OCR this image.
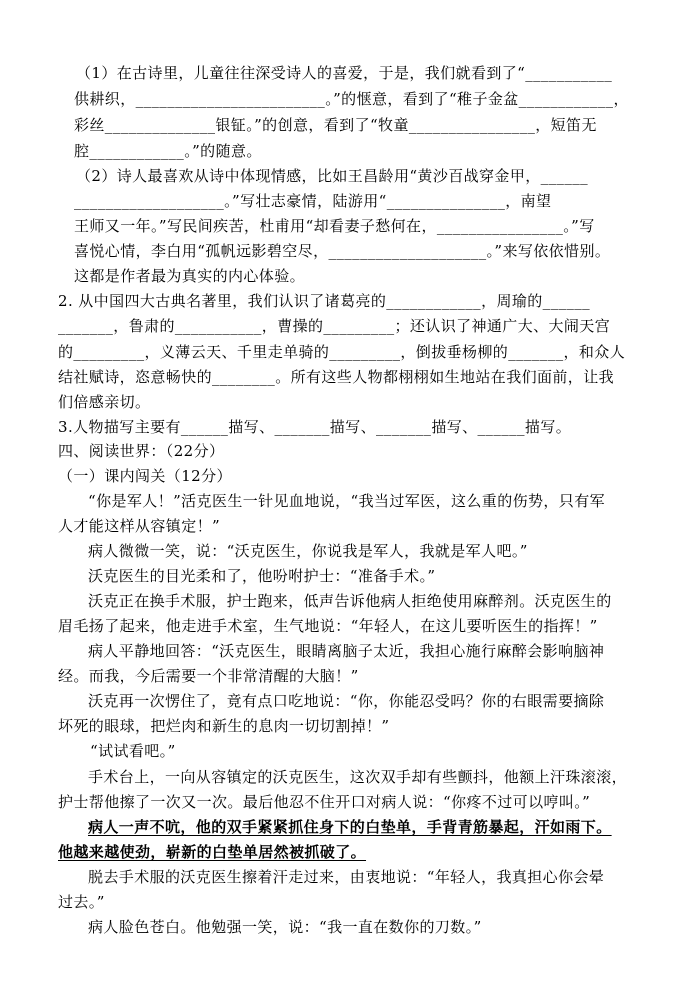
（1）在古诗里，儿童往往深受诗人的喜爱，于是，我们就看到了“___________
供耕织，________________________。”的惬意，看到了“稚子金盆____________，
彩丝______________银钲。”的创意，看到了“牧童________________，短笛无
腔____________。”的随意。
（2）诗人最喜欢从诗中体现情感，比如王昌龄用“黄沙百战穿金甲，______
___________________。”写壮志豪情，陆游用“_______________，南望
王师又一年。”写民间疾苦，杜甫用“却看妻子愁何在，________________。”写
喜悦心情，李白用“孤帆远影碧空尽，____________________。”来写依依惜别。
这都是作者最为真实的内心体验。
2. 从中国四大古典名著里，我们认识了诸葛亮的____________，周瑜的______
_______，鲁肃的___________，曹操的_________；还认识了神通广大、大闹天宫
的_________，义薄云天、千里走单骑的_________，倒拔垂杨柳的_______，和众人
结社赋诗，恣意畅快的________。所有这些人物都栩栩如生地站在我们面前，让我
们倍感亲切。
3.人物描写主要有______描写、_______描写、_______描写、______描写。
四、阅读世界：（22分）
（一）课内闯关（12分）
“你是军人！”活克医生一针见血地说，“我当过军医，这么重的伤势，只有军
人才能这样从容镇定！”
病人微微一笑，说：“沃克医生，你说我是军人，我就是军人吧。”
沃克医生的目光柔和了，他吩咐护士：“准备手术。”
沃克正在换手术服，护士跑来，低声告诉他病人拒绝使用麻醉剂。沃克医生的
眉毛扬了起来，他走进手术室，生气地说：“年轻人，在这儿要听医生的指挥！”
病人平静地回答：“沃克医生，眼睛离脑子太近，我担心施行麻醉会影响脑神
经。而我，今后需要一个非常清醒的大脑！”
沃克再一次愣住了，竟有点口吃地说：“你，你能忍受吗？你的右眼需要摘除
坏死的眼球，把烂肉和新生的息肉一切切割掉！”
“试试看吧。”
手术台上，一向从容镇定的沃克医生，这次双手却有些颤抖，他额上汗珠滚滚，
护士帮他擦了一次又一次。最后他忍不住开口对病人说：“你疼不过可以哼叫。”
病人一声不吭，他的双手紧紧抓住身下的白垫单，手背青筋暴起，汗如雨下。
他越来越使劲，崭新的白垫单居然被抓破了。
脱去手术服的沃克医生擦着汗走过来，由衷地说：“年轻人，我真担心你会晕
过去。”
病人脸色苍白。他勉强一笑，说：“我一直在数你的刀数。”
